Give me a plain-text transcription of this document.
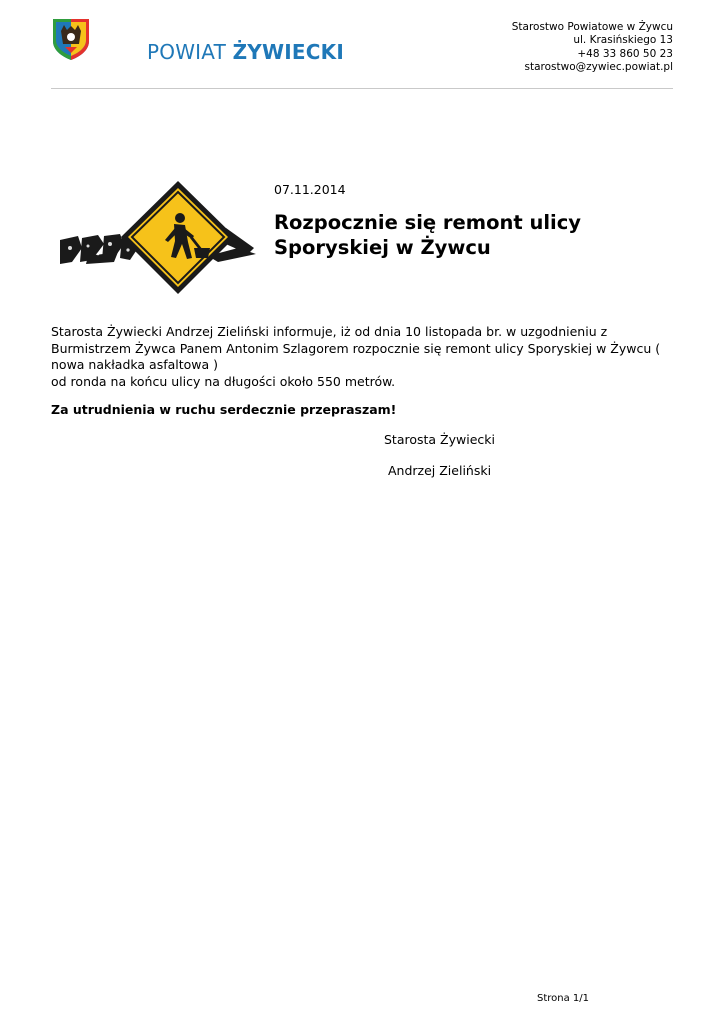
POWIAT ŻYWIECKI
Starostwo Powiatowe w Żywcu
ul. Krasińskiego 13
+48 33 860 50 23
starostwo@zywiec.powiat.pl
07.11.2014
Rozpocznie się remont ulicy
Sporyskiej w Żywcu

Starosta Żywiecki Andrzej Zieliński informuje, iż od dnia 10 listopada br. w uzgodnieniu z

Burmistrzem Żywca Panem Antonim Szlagorem rozpocznie się remont ulicy Sporyskiej w Żywcu (

nowa nakładka asfaltowa )

od ronda na końcu ulicy na długości około 550 metrów.

Za utrudnienia w ruchu serdecznie przepraszam!
Starosta Żywiecki
Andrzej Zieliński
Strona 1/1
